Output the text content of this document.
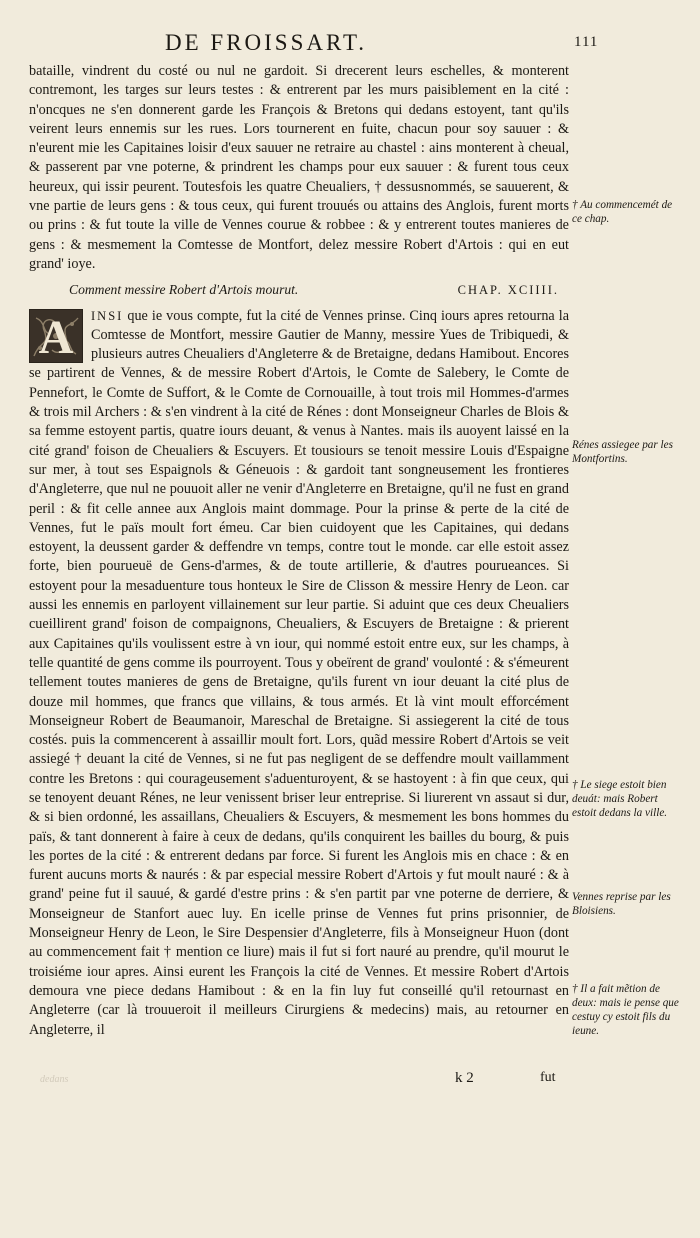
DE FROISSART.	111

bataille, vindrent du costé ou nul ne gardoit. Si drecerent leurs eschelles, & monterent contremont, les targes sur leurs testes : & entrerent par les murs paisiblement en la cité : n'oncques ne s'en donnerent garde les François & Bretons qui dedans estoyent, tant qu'ils veirent leurs ennemis sur les rues. Lors tournerent en fuite, chacun pour soy sauuer : & n'eurent mie les Capitaines loisir d'eux sauuer ne retraire au chastel : ains monterent à cheual, & passerent par vne poterne, & prindrent les champs pour eux sauuer : & furent tous ceux heureux, qui issir peurent. Toutesfois les quatre Cheualiers, † dessusnommés, se sauuerent, & vne partie de leurs gens : & tous ceux, qui furent trouués ou attains des Anglois, furent morts ou prins : & fut toute la ville de Vennes courue & robbee : & y entrerent toutes manieres de gens : & mesmement la Comtesse de Montfort, delez messire Robert d'Artois : qui en eut grand' ioye.

Comment messire Robert d'Artois mourut.	CHAP. XCIIII.

A	INSI que ie vous compte, fut la cité de Vennes prinse. Cinq iours apres retourna la Comtesse de Montfort, messire Gautier de Manny, messire Yues de Tribiquedi, & plusieurs autres Cheualiers d'Angleterre & de Bretaigne, dedans Hamibout. Encores se partirent de Vennes, & de messire Robert d'Artois, le Comte de Salebery, le Comte de Pennefort, le Comte de Suffort, & le Comte de Cornouaille, à tout trois mil Hommes-d'armes & trois mil Archers : & s'en vindrent à la cité de Rénes : dont Monseigneur Charles de Blois & sa femme estoyent partis, quatre iours deuant, & venus à Nantes. mais ils auoyent laissé en la cité grand' foison de Cheualiers & Escuyers. Et tousiours se tenoit messire Louis d'Espaigne sur mer, à tout ses Espaignols & Géneuois : & gardoit tant songneusement les frontieres d'Angleterre, que nul ne pouuoit aller ne venir d'Angleterre en Bretaigne, qu'il ne fust en grand peril : & fit celle annee aux Anglois maint dommage. Pour la prinse & perte de la cité de Vennes, fut le païs moult fort émeu. Car bien cuidoyent que les Capitaines, qui dedans estoyent, la deussent garder & deffendre vn temps, contre tout le monde. car elle estoit assez forte, bien pourueuë de Gens-d'armes, & de toute artillerie, & d'autres pourueances. Si estoyent pour la mesaduenture tous honteux le Sire de Clisson & messire Henry de Leon. car aussi les ennemis en parloyent villainement sur leur partie. Si aduint que ces deux Cheualiers cueillirent grand' foison de compaignons, Cheualiers, & Escuyers de Bretaigne : & prierent aux Capitaines qu'ils voulissent estre à vn iour, qui nommé estoit entre eux, sur les champs, à telle quantité de gens comme ils pourroyent. Tous y obeïrent de grand' voulonté : & s'émeurent tellement toutes manieres de gens de Bretaigne, qu'ils furent vn iour deuant la cité plus de douze mil hommes, que francs que villains, & tous armés. Et là vint moult efforcément Monseigneur Robert de Beaumanoir, Mareschal de Bretaigne. Si assiegerent la cité de tous costés. puis la commencerent à assaillir moult fort. Lors, quãd messire Robert d'Artois se veit assiegé † deuant la cité de Vennes, si ne fut pas negligent de se deffendre moult vaillamment contre les Bretons : qui courageusement s'aduenturoyent, & se hastoyent : à fin que ceux, qui se tenoyent deuant Rénes, ne leur venissent briser leur entreprise. Si liurerent vn assaut si dur, & si bien ordonné, les assaillans, Cheualiers & Escuyers, & mesmement les bons hommes du païs, & tant donnerent à faire à ceux de dedans, qu'ils conquirent les bailles du bourg, & puis les portes de la cité : & entrerent dedans par force. Si furent les Anglois mis en chace : & en furent aucuns morts & naurés : & par especial messire Robert d'Artois y fut moult nauré : & à grand' peine fut il sauué, & gardé d'estre prins : & s'en partit par vne poterne de derriere, & Monseigneur de Stanfort auec luy. En icelle prinse de Vennes fut prins prisonnier, de Monseigneur Henry de Leon, le Sire Despensier d'Angleterre, fils à Monseigneur Huon (dont au commencement fait † mention ce liure) mais il fut si fort nauré au prendre, qu'il mourut le troisiéme iour apres. Ainsi eurent les François la cité de Vennes. Et messire Robert d'Artois demoura vne piece dedans Hamibout : & en la fin luy fut conseillé qu'il retournast en Angleterre (car là trouueroit il meilleurs Cirurgiens & medecins) mais, au retourner en Angleterre, il

† Au commencemét de ce chap.
Rénes assiegee par les Montfortins.
† Le siege estoit bien deuát: mais Robert estoit dedans la ville.
Vennes reprise par les Bloisiens.
† Il a fait mẽtion de deux: mais ie pense que cestuy cy estoit fils du ieune.
dedans	k 2	fut
